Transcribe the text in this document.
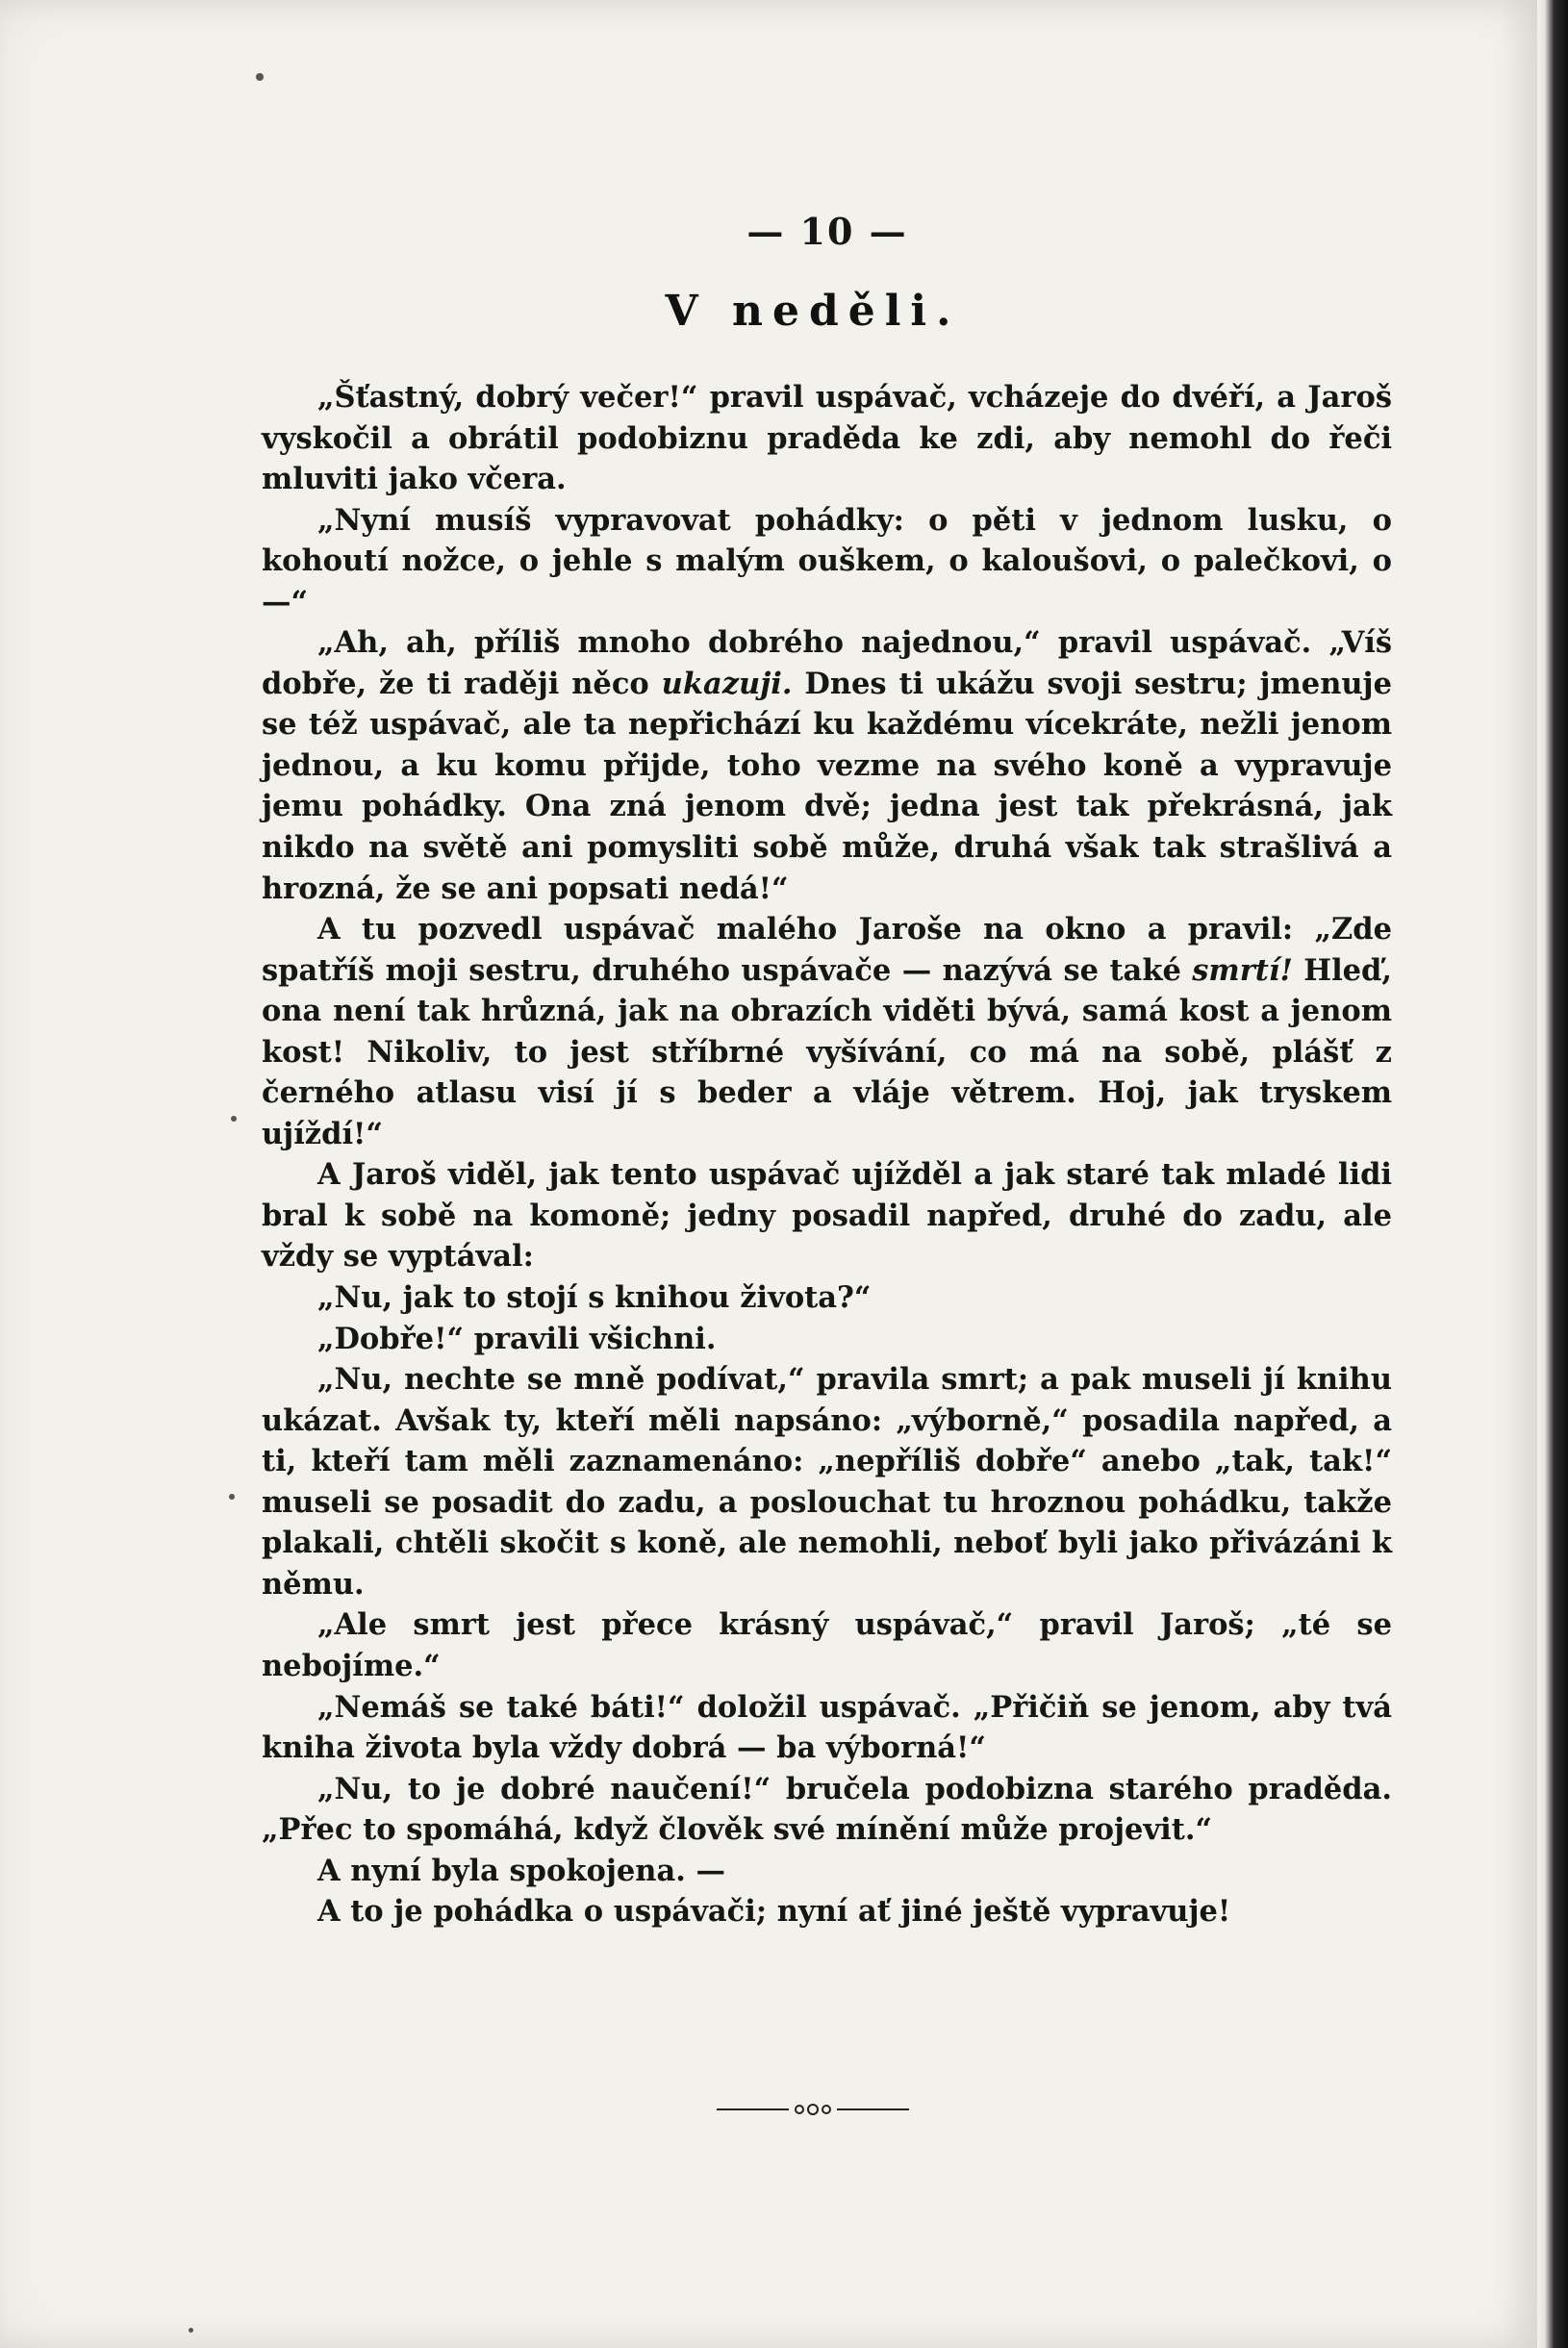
— 10 —
V neděli.

„Šťastný, dobrý večer!“ pravil uspávač, vcházeje do dvéří, a Jaroš vyskočil a obrátil podobiznu praděda ke zdi, aby nemohl do řeči mluviti jako včera.

„Nyní musíš vypravovat pohádky: o pěti v jednom lusku, o kohoutí nožce, o jehle s malým ouškem, o kaloušovi, o palečkovi, o —“

„Ah, ah, příliš mnoho dobrého najednou,“ pravil uspávač. „Víš dobře, že ti raději něco ukazuji. Dnes ti ukážu svoji sestru; jmenuje se též uspávač, ale ta nepřichází ku každému vícekráte, nežli jenom jednou, a ku komu přijde, toho vezme na svého koně a vypravuje jemu pohádky. Ona zná jenom dvě; jedna jest tak překrásná, jak nikdo na světě ani pomysliti sobě může, druhá však tak strašlivá a hrozná, že se ani popsati nedá!“

A tu pozvedl uspávač malého Jaroše na okno a pravil: „Zde spatříš moji sestru, druhého uspávače — nazývá se také smrtí! Hleď, ona není tak hrůzná, jak na obrazích viděti bývá, samá kost a jenom kost! Nikoliv, to jest stříbrné vyšívání, co má na sobě, plášť z černého atlasu visí jí s beder a vláje větrem. Hoj, jak tryskem ujíždí!“

A Jaroš viděl, jak tento uspávač ujížděl a jak staré tak mladé lidi bral k sobě na komoně; jedny posadil napřed, druhé do zadu, ale vždy se vyptával:

„Nu, jak to stojí s knihou života?“

„Dobře!“ pravili všichni.

„Nu, nechte se mně podívat,“ pravila smrt; a pak museli jí knihu ukázat. Avšak ty, kteří měli napsáno: „výborně,“ posadila napřed, a ti, kteří tam měli zaznamenáno: „nepříliš dobře“ anebo „tak, tak!“ museli se posadit do zadu, a poslouchat tu hroznou pohádku, takže plakali, chtěli skočit s koně, ale nemohli, neboť byli jako přivázáni k němu.

„Ale smrt jest přece krásný uspávač,“ pravil Jaroš; „té se nebojíme.“

„Nemáš se také báti!“ doložil uspávač. „Přičiň se jenom, aby tvá kniha života byla vždy dobrá — ba výborná!“

„Nu, to je dobré naučení!“ bručela podobizna starého praděda. „Přec to spomáhá, když člověk své mínění může projevit.“

A nyní byla spokojena. —

A to je pohádka o uspávači; nyní ať jiné ještě vypravuje!
